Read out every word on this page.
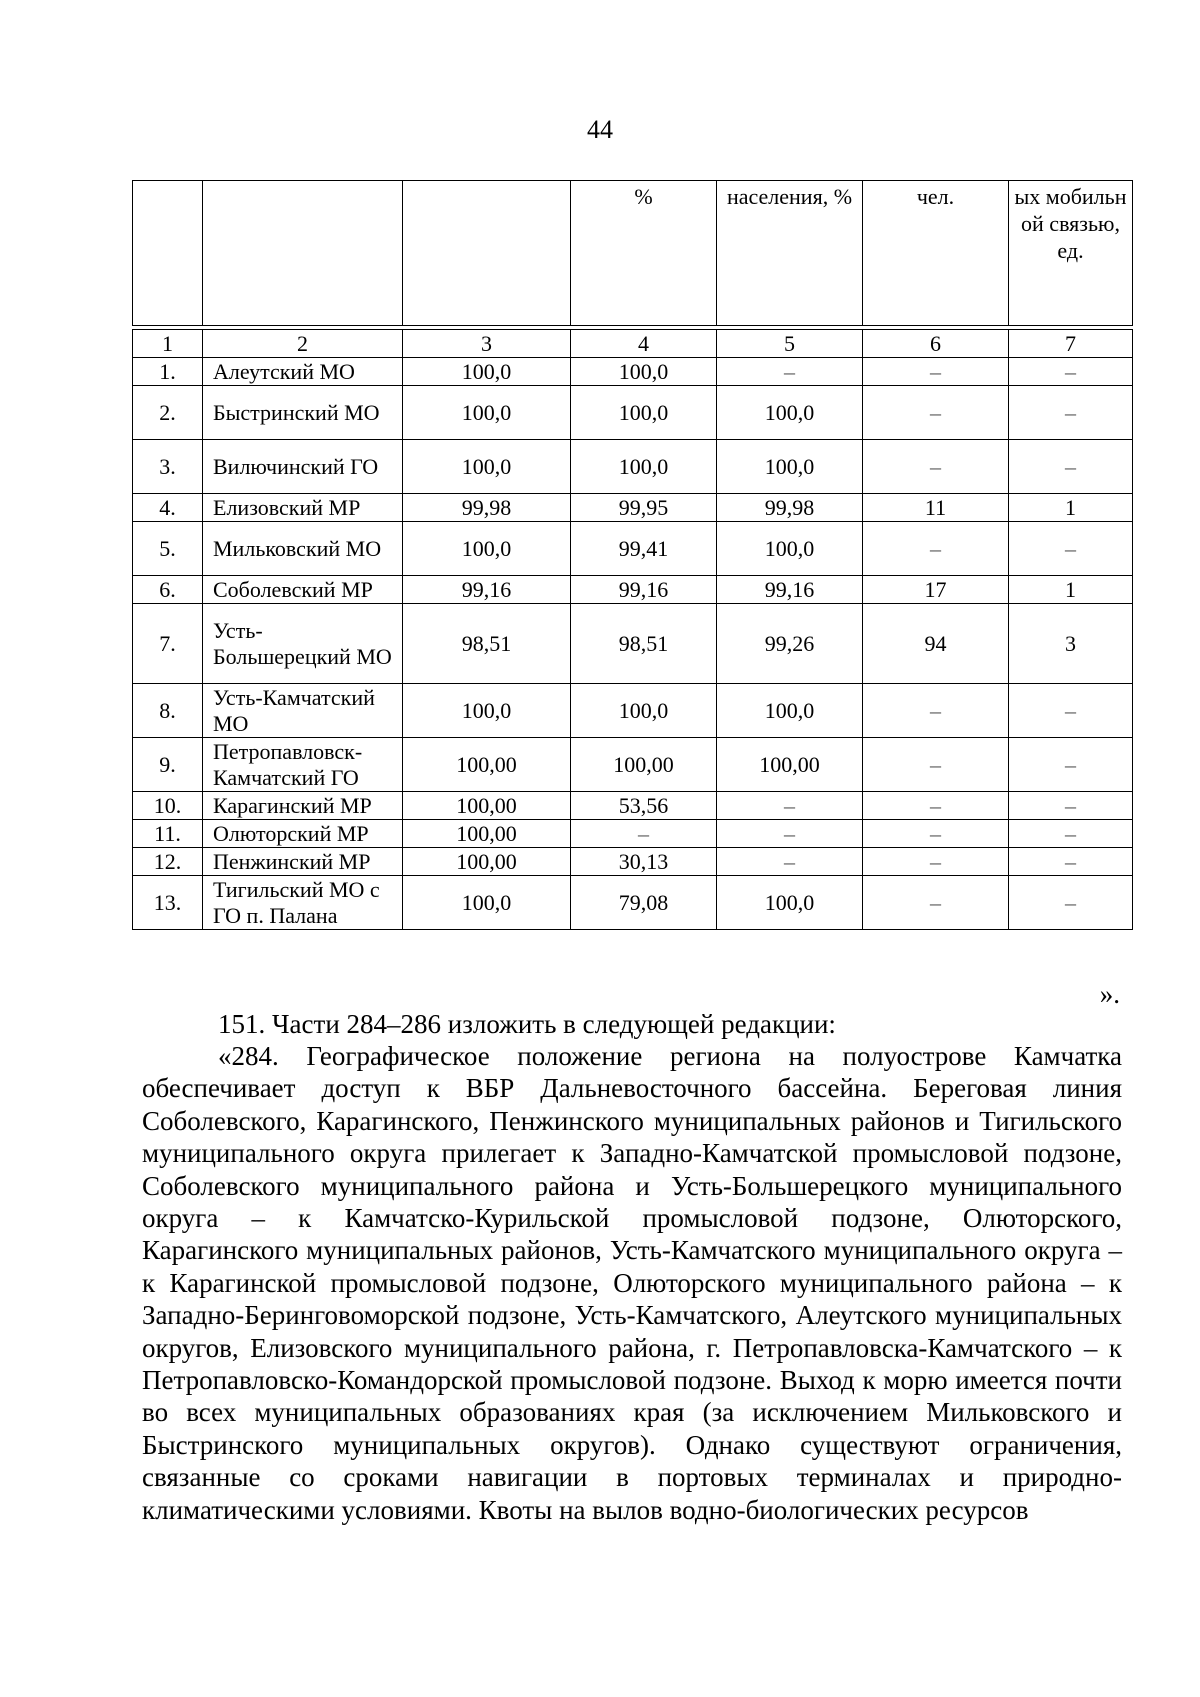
44
			%	населения, %	чел.	ых мобильн ой связью, ед.
1	2	3	4	5	6	7
1.	Алеутский МО	100,0	100,0	–	–	–
2.	Быстринский МО	100,0	100,0	100,0	–	–
3.	Вилючинский ГО	100,0	100,0	100,0	–	–
4.	Елизовский МР	99,98	99,95	99,98	11	1
5.	Мильковский МО	100,0	99,41	100,0	–	–
6.	Соболевский МР	99,16	99,16	99,16	17	1
7.	Усть-Большерецкий МО	98,51	98,51	99,26	94	3
8.	Усть-Камчатский МО	100,0	100,0	100,0	–	–
9.	Петропавловск-Камчатский ГО	100,00	100,00	100,00	–	–
10.	Карагинский МР	100,00	53,56	–	–	–
11.	Олюторский МР	100,00	–	–	–	–
12.	Пенжинский МР	100,00	30,13	–	–	–
13.	Тигильский МО с ГО п. Палана	100,0	79,08	100,0	–	–
».
151. Части 284–286 изложить в следующей редакции:

«284. Географическое положение региона на полуострове Камчатка обеспечивает доступ к ВБР Дальневосточного бассейна. Береговая линия Соболевского, Карагинского, Пенжинского муниципальных районов и Тигильского муниципального округа прилегает к Западно-Камчатской промысловой подзоне, Соболевского муниципального района и Усть-Большерецкого муниципального округа – к Камчатско-Курильской промысловой подзоне, Олюторского, Карагинского муниципальных районов, Усть-Камчатского муниципального округа – к Карагинской промысловой подзоне, Олюторского муниципального района – к Западно-Беринговоморской подзоне, Усть-Камчатского, Алеутского муниципальных округов, Елизовского муниципального района, г. Петропавловска-Камчатского – к Петропавловско-Командорской промысловой подзоне. Выход к морю имеется почти во всех муниципальных образованиях края (за исключением Мильковского и Быстринского муниципальных округов). Однако существуют ограничения, связанные со сроками навигации в портовых терминалах и природно-климатическими условиями. Квоты на вылов водно-биологических ресурсов
